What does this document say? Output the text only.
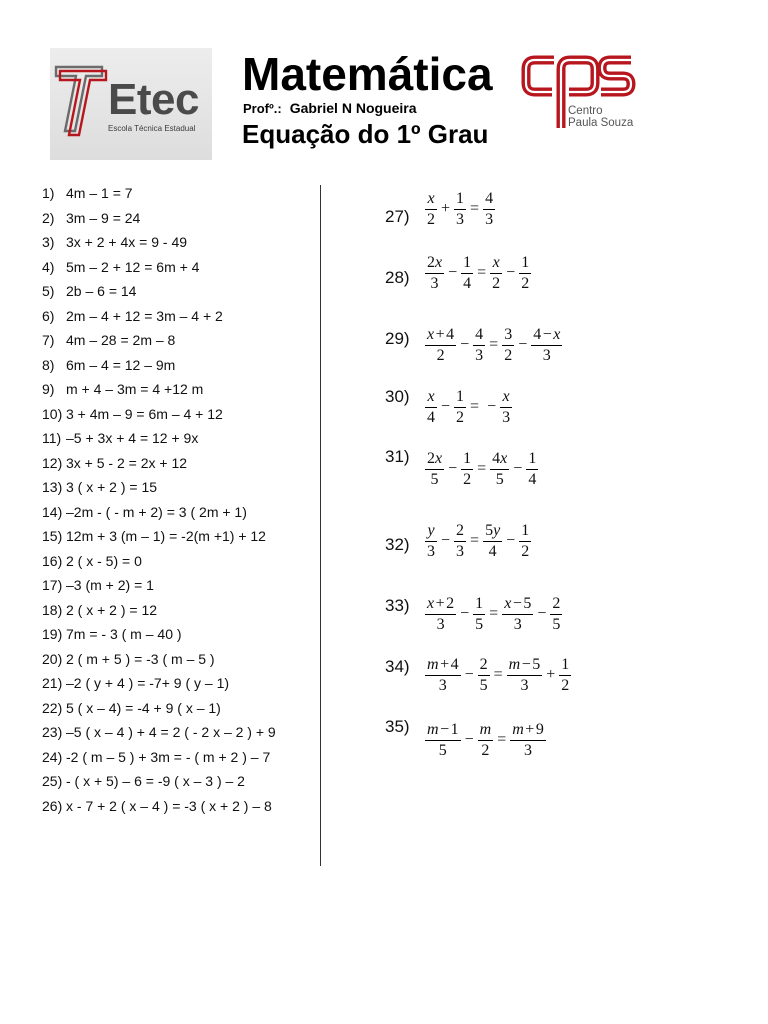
Etec
Escola Técnica Estadual
Matemática
Profº.: Gabriel N Nogueira
Equação do 1º Grau
Centro
Paula Souza
1) 4m – 1 = 7
2) 3m – 9 = 24
3) 3x + 2 + 4x = 9 - 49
4) 5m – 2 + 12 = 6m + 4
5) 2b – 6 = 14
6) 2m – 4 + 12 = 3m – 4 + 2
7) 4m – 28 = 2m – 8
8) 6m – 4 = 12 – 9m
9) m + 4 – 3m = 4 +12 m
10) 3 + 4m – 9 = 6m – 4 + 12
11) –5 + 3x + 4 = 12 + 9x
12) 3x + 5 - 2 = 2x + 12
13) 3 ( x + 2 ) = 15
14) –2m - ( - m + 2) = 3 ( 2m + 1)
15) 12m + 3 (m – 1) = -2(m +1) + 12
16) 2 ( x - 5) = 0
17) –3 (m + 2) = 1
18) 2 ( x + 2 ) = 12
19) 7m = - 3 ( m – 40 )
20) 2 ( m + 5 ) = -3 ( m – 5 )
21) –2 ( y + 4 ) = -7+ 9 ( y – 1)
22) 5 ( x – 4) = -4 + 9 ( x – 1)
23) –5 ( x – 4 ) + 4 = 2 ( - 2 x – 2 ) + 9
24) -2 ( m – 5 ) + 3m = - ( m + 2 ) – 7
25) - ( x + 5) – 6 = -9 ( x – 3 ) – 2
26) x - 7 + 2 ( x – 4 ) = -3 ( x + 2 ) – 8
$27) \frac{x}{2} + \frac{1}{3} = \frac{4}{3}$
$28) \frac{2x}{3} - \frac{1}{4} = \frac{x}{2} - \frac{1}{2}$
$29) \frac{x+4}{2} - \frac{4}{3} = \frac{3}{2} - \frac{4-x}{3}$
$30) \frac{x}{4} - \frac{1}{2}$ = − $\frac{x}{3}$
$31) \frac{2x}{5} - \frac{1}{2} = \frac{4x}{5} - \frac{1}{4}$
$32) \frac{y}{3} - \frac{2}{3} = \frac{5y}{4} - \frac{1}{2}$
$33) \frac{x+2}{3} - \frac{1}{5} = \frac{x-5}{3} - \frac{2}{5}$
$34) \frac{m+4}{3} - \frac{2}{5} = \frac{m-5}{3} + \frac{1}{2}$
$35) \frac{m-1}{5} - \frac{m}{2} = \frac{m+9}{3}$
